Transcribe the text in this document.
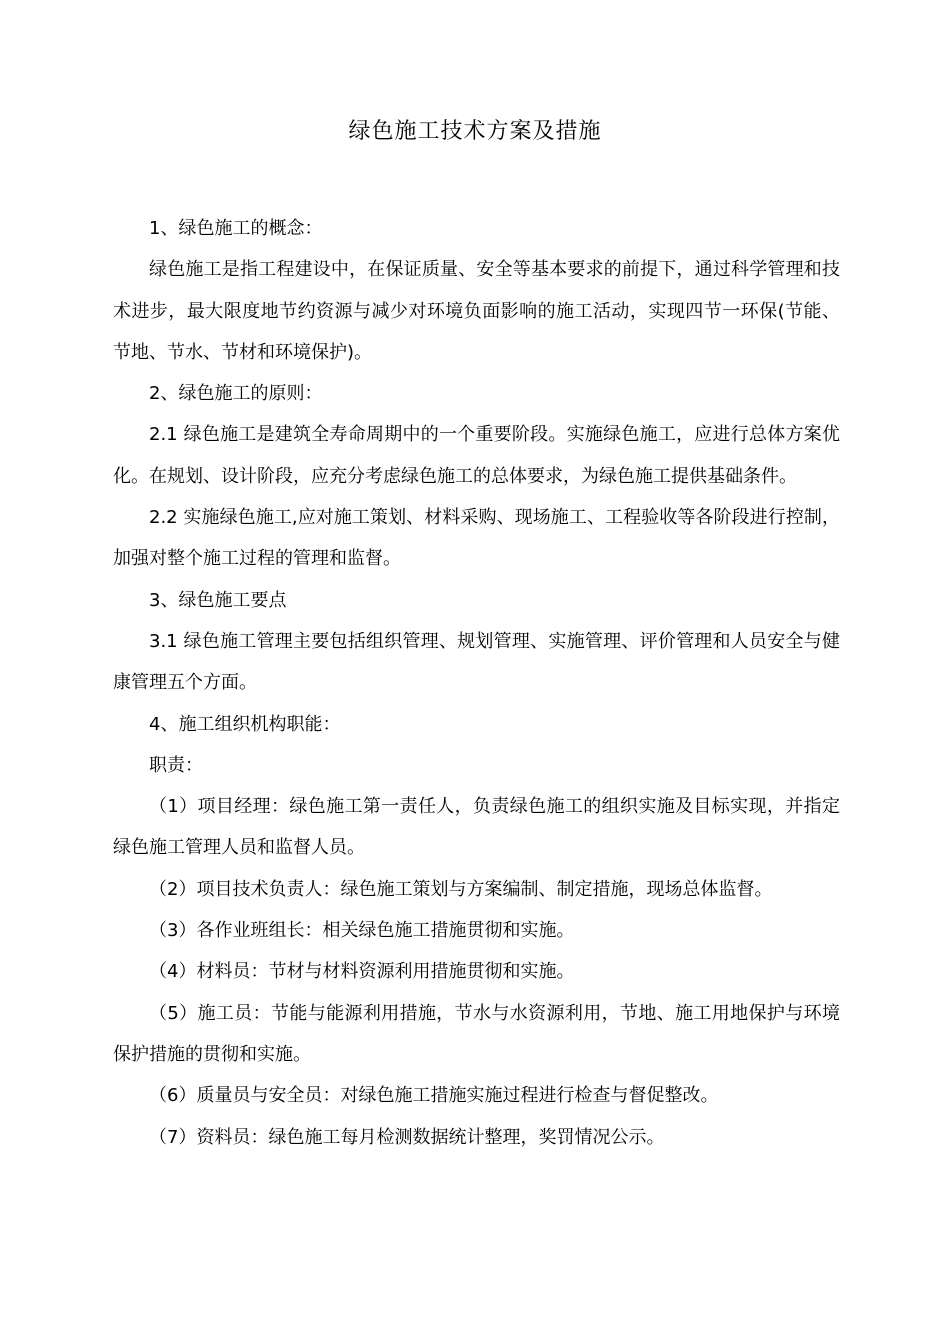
绿色施工技术方案及措施

1、绿色施工的概念：

绿色施工是指工程建设中，在保证质量、安全等基本要求的前提下，通过科学管理和技术进步，最大限度地节约资源与减少对环境负面影响的施工活动，实现四节一环保(节能、节地、节水、节材和环境保护)。

2、绿色施工的原则：

2.1 绿色施工是建筑全寿命周期中的一个重要阶段。实施绿色施工，应进行总体方案优化。在规划、设计阶段，应充分考虑绿色施工的总体要求，为绿色施工提供基础条件。

2.2 实施绿色施工,应对施工策划、材料采购、现场施工、工程验收等各阶段进行控制，加强对整个施工过程的管理和监督。

3、绿色施工要点

3.1 绿色施工管理主要包括组织管理、规划管理、实施管理、评价管理和人员安全与健康管理五个方面。

4、施工组织机构职能：

职责：

（1）项目经理：绿色施工第一责任人，负责绿色施工的组织实施及目标实现，并指定绿色施工管理人员和监督人员。

（2）项目技术负责人：绿色施工策划与方案编制、制定措施，现场总体监督。

（3）各作业班组长：相关绿色施工措施贯彻和实施。

（4）材料员：节材与材料资源利用措施贯彻和实施。

（5）施工员：节能与能源利用措施，节水与水资源利用，节地、施工用地保护与环境保护措施的贯彻和实施。

（6）质量员与安全员：对绿色施工措施实施过程进行检查与督促整改。

（7）资料员：绿色施工每月检测数据统计整理，奖罚情况公示。
